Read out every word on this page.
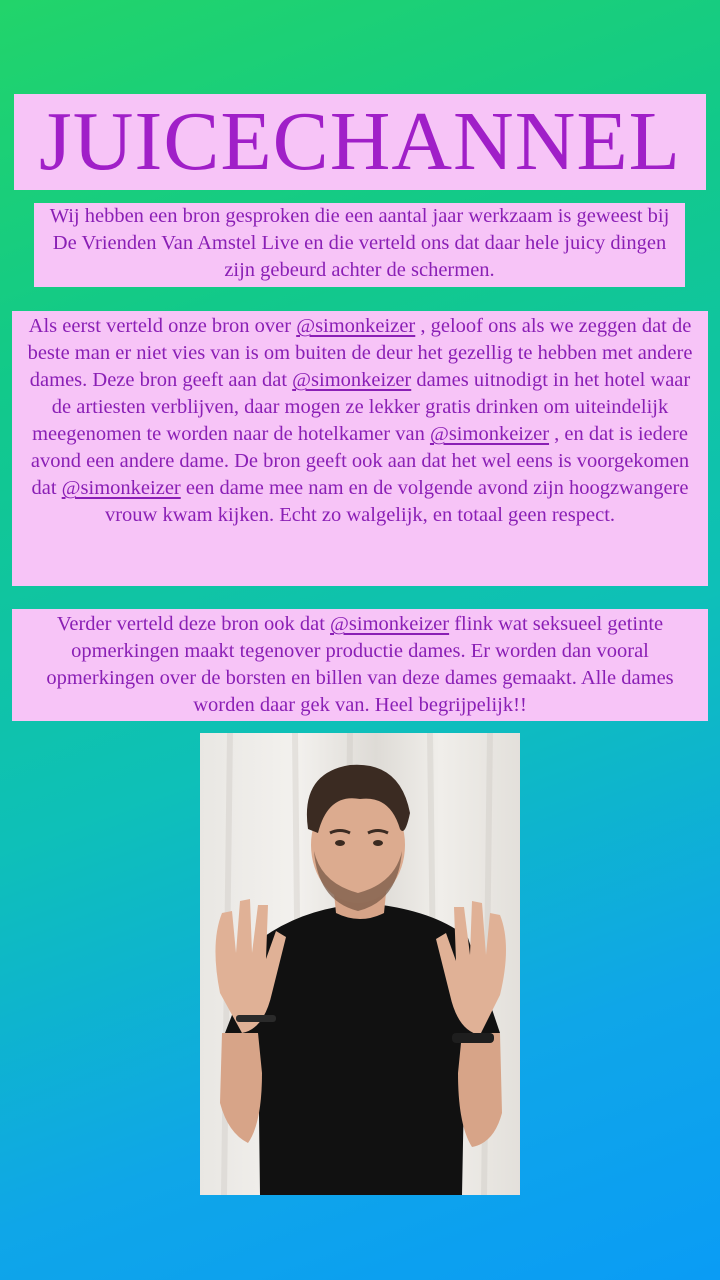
JUICECHANNEL

Wij hebben een bron gesproken die een aantal jaar werkzaam is geweest bij De Vrienden Van Amstel Live en die verteld ons dat daar hele juicy dingen zijn gebeurd achter de schermen.

Als eerst verteld onze bron over @simonkeizer , geloof ons als we zeggen dat de beste man er niet vies van is om buiten de deur het gezellig te hebben met andere dames. Deze bron geeft aan dat @simonkeizer dames uitnodigt in het hotel waar de artiesten verblijven, daar mogen ze lekker gratis drinken om uiteindelijk meegenomen te worden naar de hotelkamer van @simonkeizer , en dat is iedere avond een andere dame. De bron geeft ook aan dat het wel eens is voorgekomen dat @simonkeizer een dame mee nam en de volgende avond zijn hoogzwangere vrouw kwam kijken. Echt zo walgelijk, en totaal geen respect.

Verder verteld deze bron ook dat @simonkeizer flink wat seksueel getinte opmerkingen maakt tegenover productie dames. Er worden dan vooral opmerkingen over de borsten en billen van deze dames gemaakt. Alle dames worden daar gek van. Heel begrijpelijk!!
